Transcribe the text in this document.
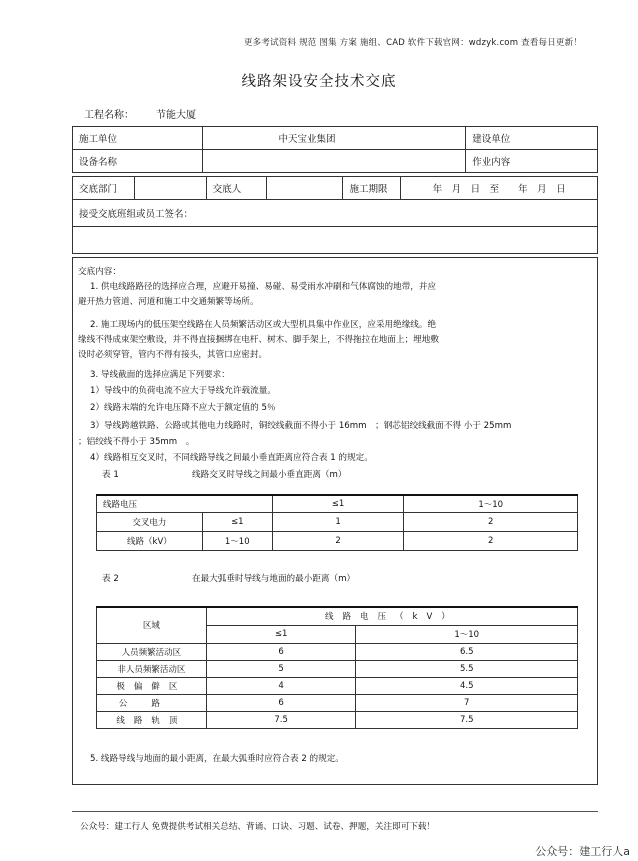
更多考试资料 规范 图集 方案 施组、CAD 软件下载官网：wdzyk.com 查看每日更新！
线路架设安全技术交底
工程名称： 节能大厦
施工单位	中天宝业集团	建设单位
设备名称		作业内容
交底部门		交底人		施工期限	年　月　日　至　　年　月　日
接受交底班组或员工签名：

交底内容：
1. 供电线路路径的选择应合理，应避开易撞、易碰、易受雨水冲刷和气体腐蚀的地带，并应
避开热力管道、河道和施工中交通频繁等场所。
2. 施工现场内的低压架空线路在人员频繁活动区或大型机具集中作业区，应采用绝缘线。绝
缘线不得成束架空敷设，并不得直接捆绑在电杆、树木、脚手架上，不得拖拉在地面上；埋地敷
设时必须穿管，管内不得有接头，其管口应密封。
3. 导线截面的选择应满足下列要求：
1）导线中的负荷电流不应大于导线允许载流量。
2）线路末端的允许电压降不应大于额定值的 5％
3）导线跨越铁路、公路或其他电力线路时，铜绞线截面不得小于 16mm　；钢芯铝绞线截面不得 小于 25mm
；铝绞线不得小于 35mm　。
4）线路相互交叉时，不同线路导线之间最小垂直距离应符合表 1 的规定。
表 1	线路交叉时导线之间最小垂直距离（m）
线路电压		≤1	1～10
交叉电力	≤1	1	2
线路（kV）	1～10	2	2
表 2	在最大弧垂时导线与地面的最小距离（m）
区域	线路电压（kV）	
	≤1	1～10
人员频繁活动区	6	6.5
非人员频繁活动区	5	5.5
极偏僻区	4	4.5
公路	6	7
线路轨顶	7.5	7.5
5. 线路导线与地面的最小距离，在最大弧垂时应符合表 2 的规定。
公众号：建工行人 免费提供考试相关总结、背诵、口诀、习题、试卷、押题，关注即可下载！
公众号：建工行人a
